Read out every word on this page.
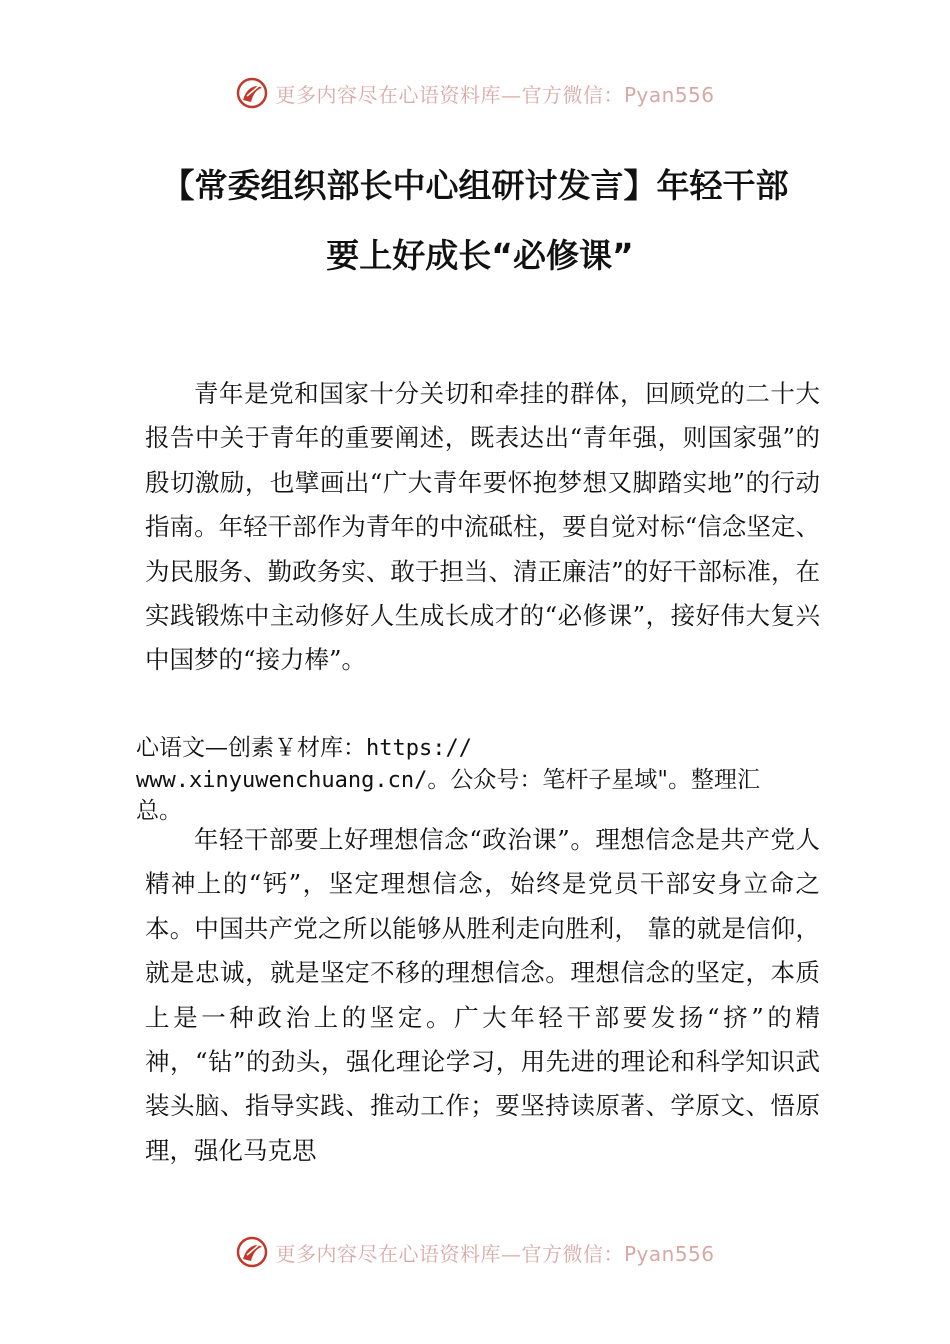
更多内容尽在心语资料库—官方微信：Pyan556
【常委组织部长中心组研讨发言】年轻干部
要上好成长“必修课”

青年是党和国家十分关切和牵挂的群体，回顾党的二十大报告中关于青年的重要阐述，既表达出“青年强，则国家强”的殷切激励，也擘画出“广大青年要怀抱梦想又脚踏实地”的行动指南。年轻干部作为青年的中流砥柱，要自觉对标“信念坚定、为民服务、勤政务实、敢于担当、清正廉洁”的好干部标准，在实践锻炼中主动修好人生成长成才的“必修课”，接好伟大复兴中国梦的“接力棒”。

心语文—创素￥材库：https://
www.xinyuwenchuang.cn/。公众号：笔杆子星域"。整理汇
总。

年轻干部要上好理想信念“政治课”。理想信念是共产党人精神上的“钙”，坚定理想信念，始终是党员干部安身立命之本。中国共产党之所以能够从胜利走向胜利， 靠的就是信仰，就是忠诚，就是坚定不移的理想信念。理想信念的坚定，本质上是一种政治上的坚定。广大年轻干部要发扬“挤”的精神，“钻”的劲头，强化理论学习，用先进的理论和科学知识武装头脑、指导实践、推动工作；要坚持读原著、学原文、悟原理，强化马克思

更多内容尽在心语资料库—官方微信：Pyan556
